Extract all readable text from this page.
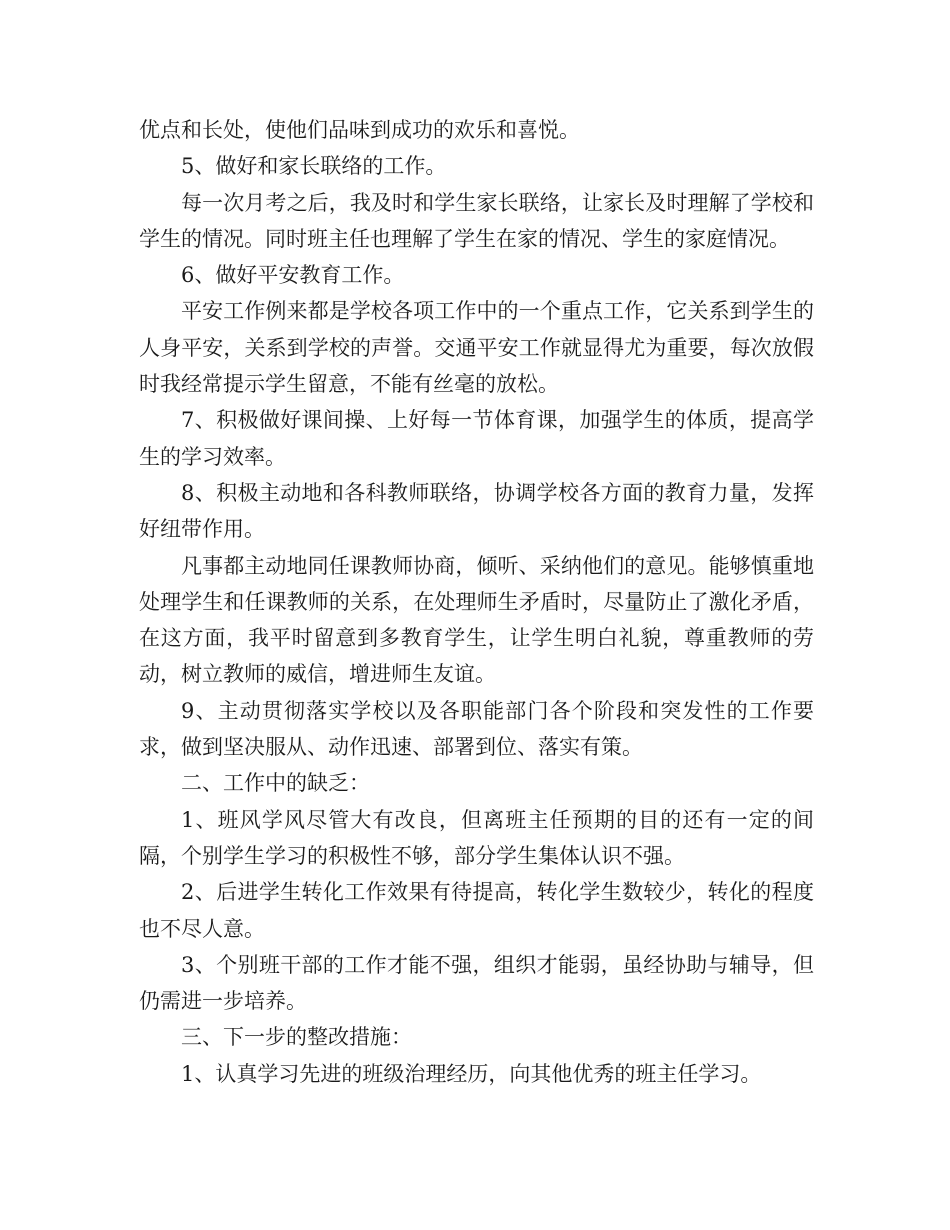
优点和长处，使他们品味到成功的欢乐和喜悦。

5、做好和家长联络的工作。

每一次月考之后，我及时和学生家长联络，让家长及时理解了学校和学生的情况。同时班主任也理解了学生在家的情况、学生的家庭情况。

6、做好平安教育工作。

平安工作例来都是学校各项工作中的一个重点工作，它关系到学生的人身平安，关系到学校的声誉。交通平安工作就显得尤为重要，每次放假时我经常提示学生留意，不能有丝毫的放松。

7、积极做好课间操、上好每一节体育课，加强学生的体质，提高学生的学习效率。

8、积极主动地和各科教师联络，协调学校各方面的教育力量，发挥好纽带作用。

凡事都主动地同任课教师协商，倾听、采纳他们的意见。能够慎重地处理学生和任课教师的关系，在处理师生矛盾时，尽量防止了激化矛盾，在这方面，我平时留意到多教育学生，让学生明白礼貌，尊重教师的劳动，树立教师的威信，增进师生友谊。

9、主动贯彻落实学校以及各职能部门各个阶段和突发性的工作要求，做到坚决服从、动作迅速、部署到位、落实有策。

二、工作中的缺乏：

1、班风学风尽管大有改良，但离班主任预期的目的还有一定的间隔，个别学生学习的积极性不够，部分学生集体认识不强。

2、后进学生转化工作效果有待提高，转化学生数较少，转化的程度也不尽人意。

3、个别班干部的工作才能不强，组织才能弱，虽经协助与辅导，但仍需进一步培养。

三、下一步的整改措施：

1、认真学习先进的班级治理经历，向其他优秀的班主任学习。
